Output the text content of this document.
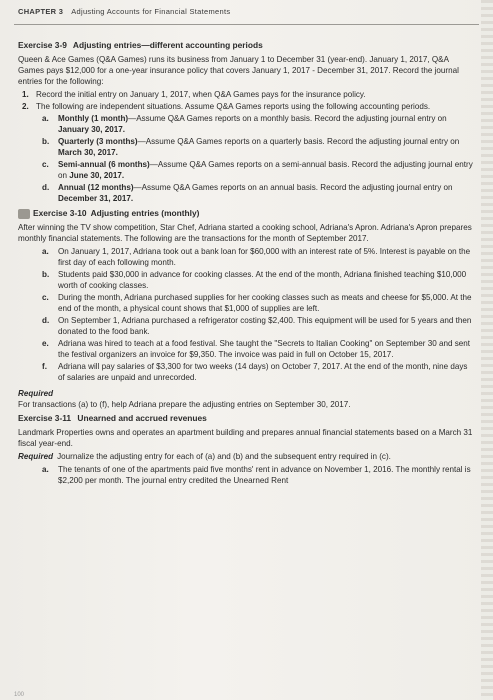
CHAPTER 3 Adjusting Accounts for Financial Statements
Exercise 3-9 Adjusting entries—different accounting periods

Queen & Ace Games (Q&A Games) runs its business from January 1 to December 31 (year-end). January 1, 2017, Q&A Games pays $12,000 for a one-year insurance policy that covers January 1, 2017 - December 31, 2017. Record the journal entries for the following:

1. Record the initial entry on January 1, 2017, when Q&A Games pays for the insurance policy.
2. The following are independent situations. Assume Q&A Games reports using the following accounting periods.
a.	Monthly (1 month)—Assume Q&A Games reports on a monthly basis. Record the adjusting journal entry on January 30, 2017.
b.	Quarterly (3 months)—Assume Q&A Games reports on a quarterly basis. Record the adjusting journal entry on March 30, 2017.
c.	Semi-annual (6 months)—Assume Q&A Games reports on a semi-annual basis. Record the adjusting journal entry on June 30, 2017.
d.	Annual (12 months)—Assume Q&A Games reports on an annual basis. Record the adjusting journal entry on December 31, 2017.
Exercise 3-10 Adjusting entries (monthly)

After winning the TV show competition, Star Chef, Adriana started a cooking school, Adriana's Apron. Adriana's Apron prepares monthly financial statements. The following are the transactions for the month of September 2017.

a.	On January 1, 2017, Adriana took out a bank loan for $60,000 with an interest rate of 5%. Interest is payable on the first day of each following month.
b.	Students paid $30,000 in advance for cooking classes. At the end of the month, Adriana finished teaching $10,000 worth of cooking classes.
c.	During the month, Adriana purchased supplies for her cooking classes such as meats and cheese for $5,000. At the end of the month, a physical count shows that $1,000 of supplies are left.
d.	On September 1, Adriana purchased a refrigerator costing $2,400. This equipment will be used for 5 years and then donated to the food bank.
e.	Adriana was hired to teach at a food festival. She taught the "Secrets to Italian Cooking" on September 30 and sent the festival organizers an invoice for $9,350. The invoice was paid in full on October 15, 2017.
f.	Adriana will pay salaries of $3,300 for two weeks (14 days) on October 7, 2017. At the end of the month, nine days of salaries are unpaid and unrecorded.
Required

For transactions (a) to (f), help Adriana prepare the adjusting entries on September 30, 2017.

Exercise 3-11 Unearned and accrued revenues

Landmark Properties owns and operates an apartment building and prepares annual financial statements based on a March 31 fiscal year-end.

Required Journalize the adjusting entry for each of (a) and (b) and the subsequent entry required in (c).

a.	The tenants of one of the apartments paid five months' rent in advance on November 1, 2016. The monthly rental is $2,200 per month. The journal entry credited the Unearned Rent
100
